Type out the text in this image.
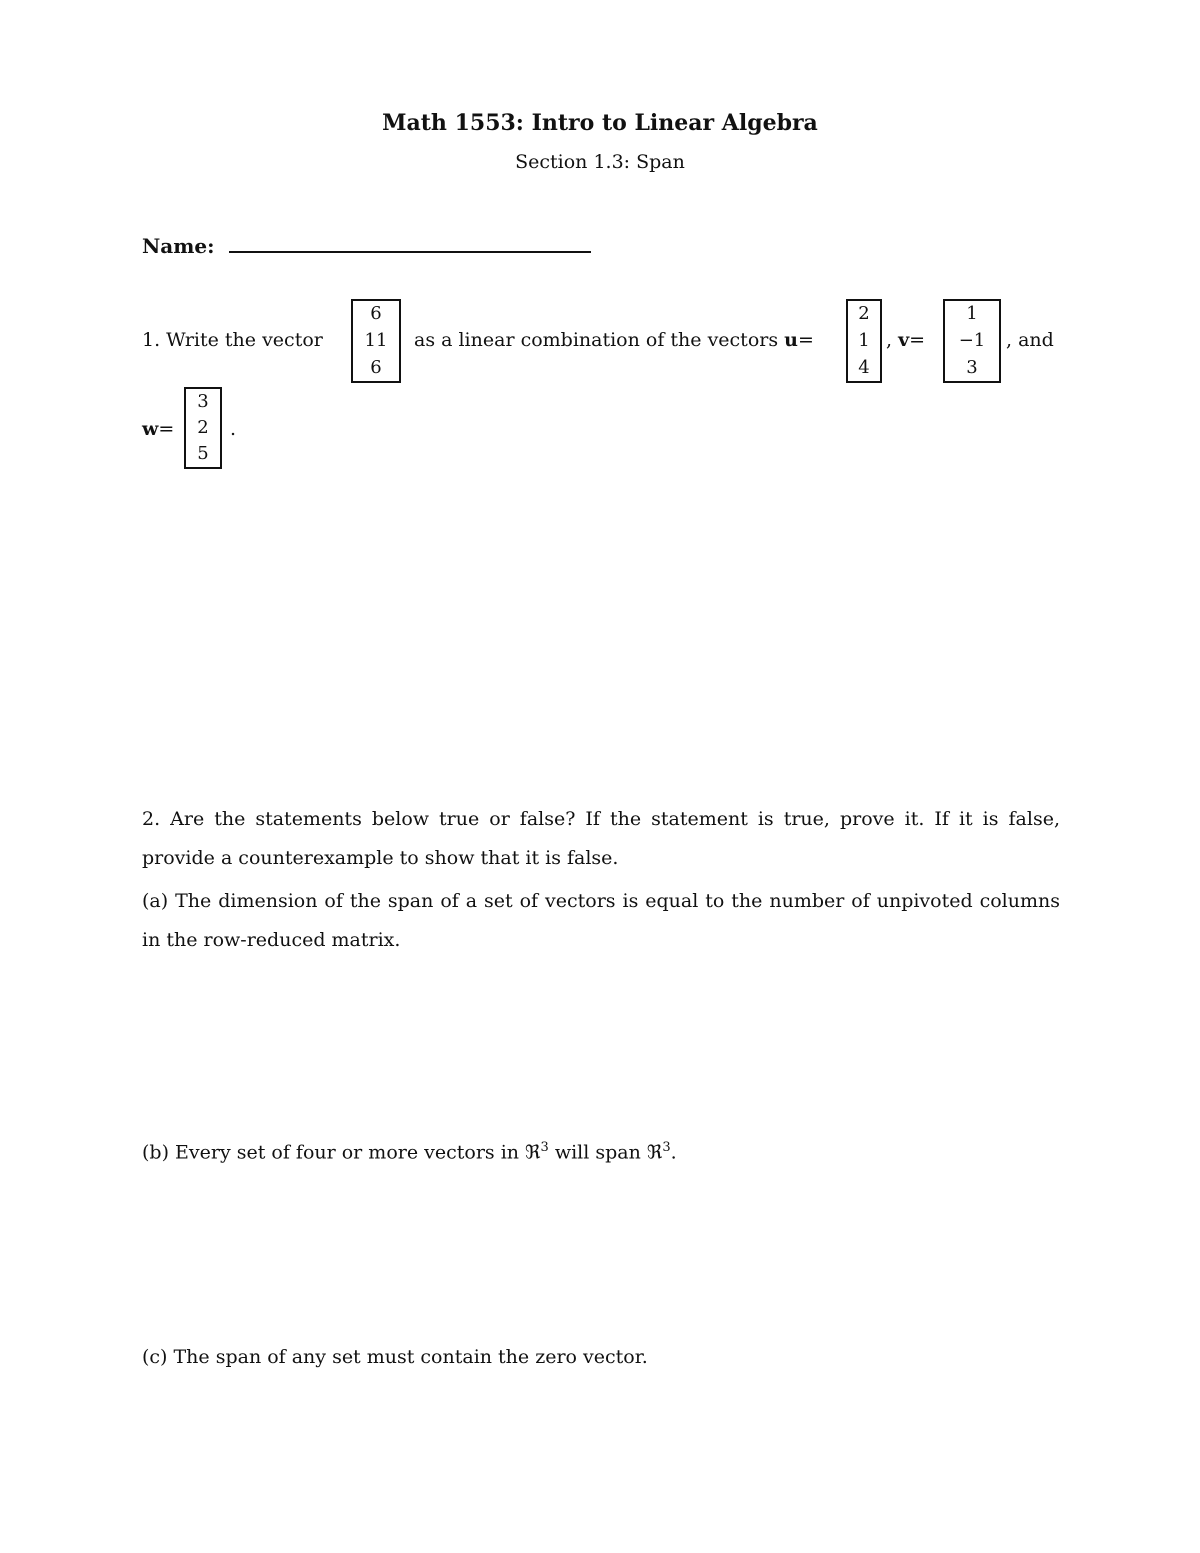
Math 1553: Intro to Linear Algebra
Section 1.3: Span
Name:
1. Write the vector
6
11
6
as a linear combination of the vectors u=
2
1
4
, v=
1
−1
3
, and
w=
3
2
5
.
2. Are the statements below true or false? If the statement is true, prove it. If it is false, provide a counterexample to show that it is false.
(a) The dimension of the span of a set of vectors is equal to the number of unpivoted columns in the row-reduced matrix.
(b) Every set of four or more vectors in ℜ$^3$ will span ℜ$^3$.
(c) The span of any set must contain the zero vector.
